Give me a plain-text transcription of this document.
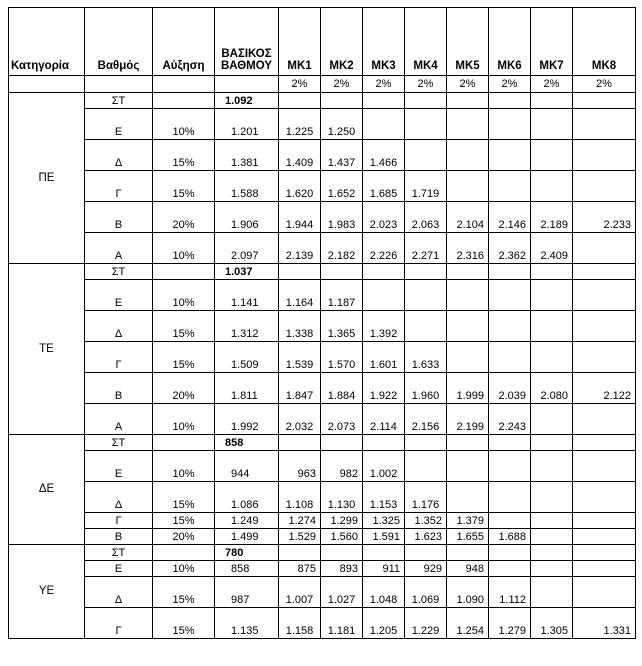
Κατηγορία	Βαθμός	Αύξηση	ΒΑΣΙΚΟΣ
ΒΑΘΜΟΥ	ΜΚ1	ΜΚ2	ΜΚ3	ΜΚ4	ΜΚ5	ΜΚ6	ΜΚ7	ΜΚ8
				2%	2%	2%	2%	2%	2%	2%	2%
ΠΕ	ΣΤ		1.092								
	Ε	10%	1.201	1.225	1.250						
	Δ	15%	1.381	1.409	1.437	1.466					
	Γ	15%	1.588	1.620	1.652	1.685	1.719				
	Β	20%	1.906	1.944	1.983	2.023	2.063	2.104	2.146	2.189	2.233
	Α	10%	2.097	2.139	2.182	2.226	2.271	2.316	2.362	2.409	
ΤΕ	ΣΤ		1.037								
	Ε	10%	1.141	1.164	1.187						
	Δ	15%	1.312	1.338	1.365	1.392					
	Γ	15%	1.509	1.539	1.570	1.601	1.633				
	Β	20%	1.811	1.847	1.884	1.922	1.960	1.999	2.039	2.080	2.122
	Α	10%	1.992	2.032	2.073	2.114	2.156	2.199	2.243		
ΔΕ	ΣΤ		858								
	Ε	10%	944	963	982	1.002					
	Δ	15%	1.086	1.108	1.130	1.153	1.176				
	Γ	15%	1.249	1.274	1.299	1.325	1.352	1.379			
	Β	20%	1.499	1.529	1.560	1.591	1.623	1.655	1.688		
ΥΕ	ΣΤ		780								
	Ε	10%	858	875	893	911	929	948			
	Δ	15%	987	1.007	1.027	1.048	1.069	1.090	1.112		
	Γ	15%	1.135	1.158	1.181	1.205	1.229	1.254	1.279	1.305	1.331
